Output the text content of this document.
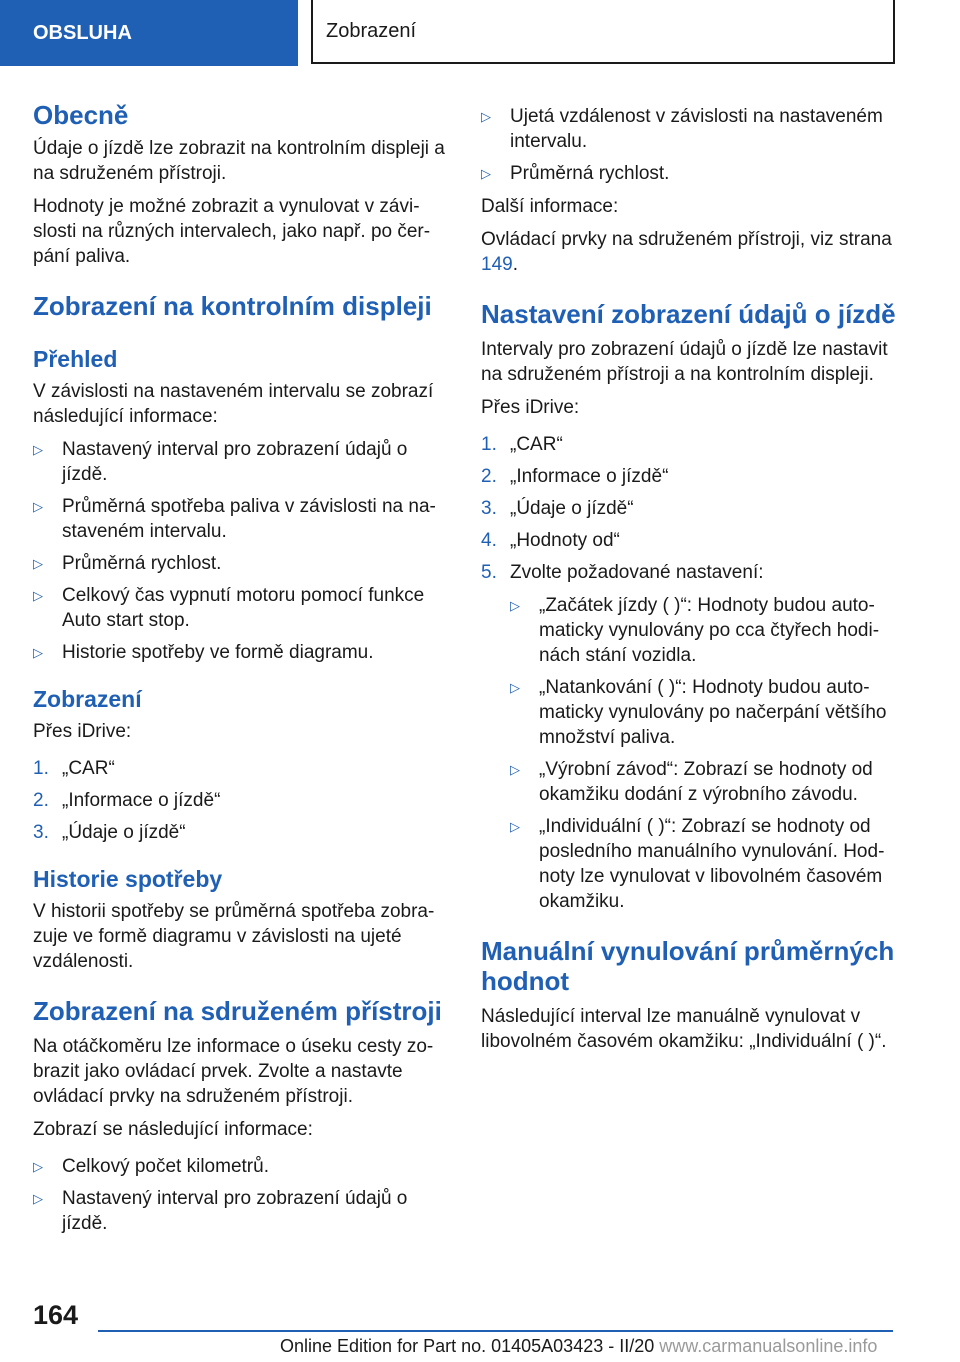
OBSLUHA	Zobrazení
Obecně

Údaje o jízdě lze zobrazit na kontrolním displeji a na sdruženém přístroji.

Hodnoty je možné zobrazit a vynulovat v závislosti na různých intervalech, jako např. po čerpání paliva.

Zobrazení na kontrolním displeji
Přehled

V závislosti na nastaveném intervalu se zobrazí následující informace:

▷ Nastavený interval pro zobrazení údajů o jízdě.
▷ Průměrná spotřeba paliva v závislosti na nastaveném intervalu.
▷ Průměrná rychlost.
▷ Celkový čas vypnutí motoru pomocí funkce Auto start stop.
▷ Historie spotřeby ve formě diagramu.
Zobrazení

Přes iDrive:

1. „CAR“
2. „Informace o jízdě“
3. „Údaje o jízdě“
Historie spotřeby

V historii spotřeby se průměrná spotřeba zobrazuje ve formě diagramu v závislosti na ujeté vzdálenosti.

Zobrazení na sdruženém přístroji

Na otáčkoměru lze informace o úseku cesty zobrazit jako ovládací prvek. Zvolte a nastavte ovládací prvky na sdruženém přístroji.

Zobrazí se následující informace:

▷ Celkový počet kilometrů.
▷ Nastavený interval pro zobrazení údajů o jízdě.
▷ Ujetá vzdálenost v závislosti na nastaveném intervalu.
▷ Průměrná rychlost.

Další informace:

Ovládací prvky na sdruženém přístroji, viz strana 149.

Nastavení zobrazení údajů o jízdě

Intervaly pro zobrazení údajů o jízdě lze nastavit na sdruženém přístroji a na kontrolním displeji.

Přes iDrive:

1. „CAR“
2. „Informace o jízdě“
3. „Údaje o jízdě“
4. „Hodnoty od“
5. Zvolte požadované nastavení:
▷ „Začátek jízdy ( )“: Hodnoty budou automaticky vynulovány po cca čtyřech hodinách stání vozidla.
▷ „Natankování ( )“: Hodnoty budou automaticky vynulovány po načerpání většího množství paliva.
▷ „Výrobní závod“: Zobrazí se hodnoty od okamžiku dodání z výrobního závodu.
▷ „Individuální ( )“: Zobrazí se hodnoty od posledního manuálního vynulování. Hodnoty lze vynulovat v libovolném časovém okamžiku.
Manuální vynulování průměrných hodnot

Následující interval lze manuálně vynulovat v libovolném časovém okamžiku: „Individuální ( )“.

164
Online Edition for Part no. 01405A03423 - II/20 www.carmanualsonline.info
